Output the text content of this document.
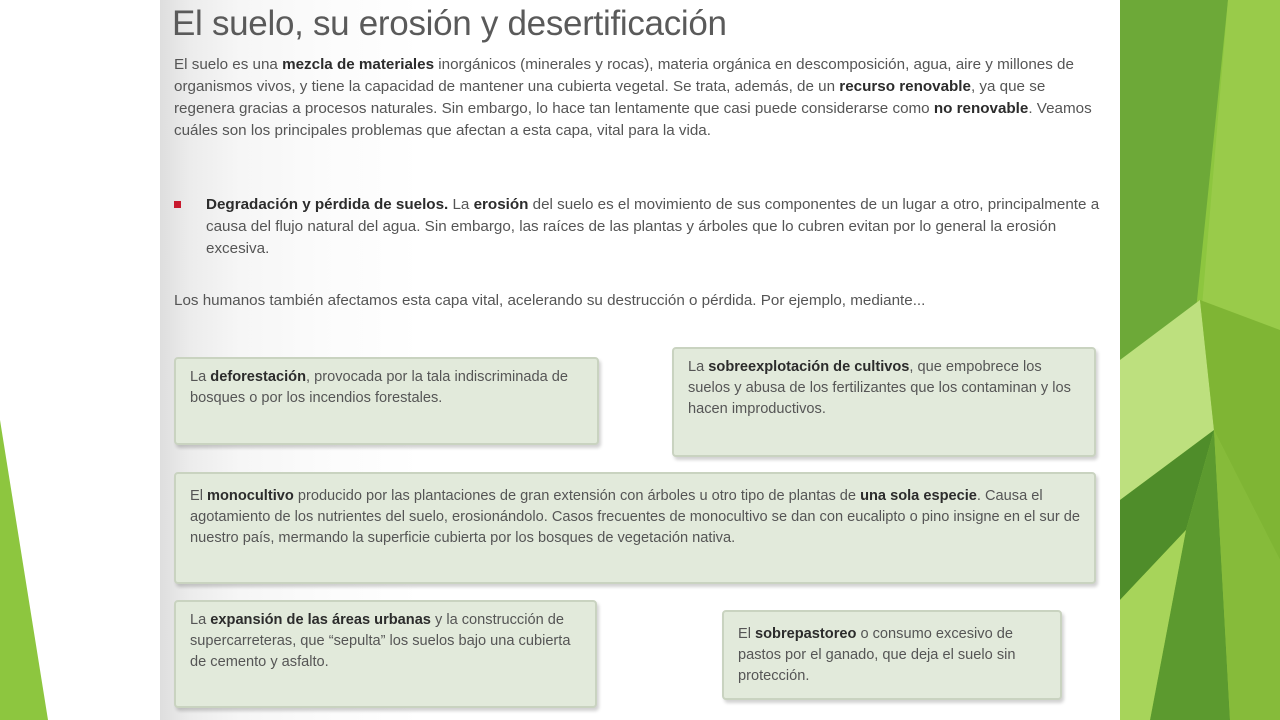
El suelo, su erosión y desertificación

El suelo es una mezcla de materiales inorgánicos (minerales y rocas), materia orgánica en descomposición, agua, aire y millones de organismos vivos, y tiene la capacidad de mantener una cubierta vegetal. Se trata, además, de un recurso renovable, ya que se regenera gracias a procesos naturales. Sin embargo, lo hace tan lentamente que casi puede considerarse como no renovable. Veamos cuáles son los principales problemas que afectan a esta capa, vital para la vida.

Degradación y pérdida de suelos. La erosión del suelo es el movimiento de sus componentes de un lugar a otro, principalmente a causa del flujo natural del agua. Sin embargo, las raíces de las plantas y árboles que lo cubren evitan por lo general la erosión excesiva.

Los humanos también afectamos esta capa vital, acelerando su destrucción o pérdida. Por ejemplo, mediante...

La deforestación, provocada por la tala indiscriminada de bosques o por los incendios forestales.

La sobreexplotación de cultivos, que empobrece los suelos y abusa de los fertilizantes que los contaminan y los hacen improductivos.

El monocultivo producido por las plantaciones de gran extensión con árboles u otro tipo de plantas de una sola especie. Causa el agotamiento de los nutrientes del suelo, erosionándolo. Casos frecuentes de monocultivo se dan con eucalipto o pino insigne en el sur de nuestro país, mermando la superficie cubierta por los bosques de vegetación nativa.

La expansión de las áreas urbanas y la construcción de supercarreteras, que “sepulta” los suelos bajo una cubierta de cemento y asfalto.

El sobrepastoreo o consumo excesivo de pastos por el ganado, que deja el suelo sin protección.
